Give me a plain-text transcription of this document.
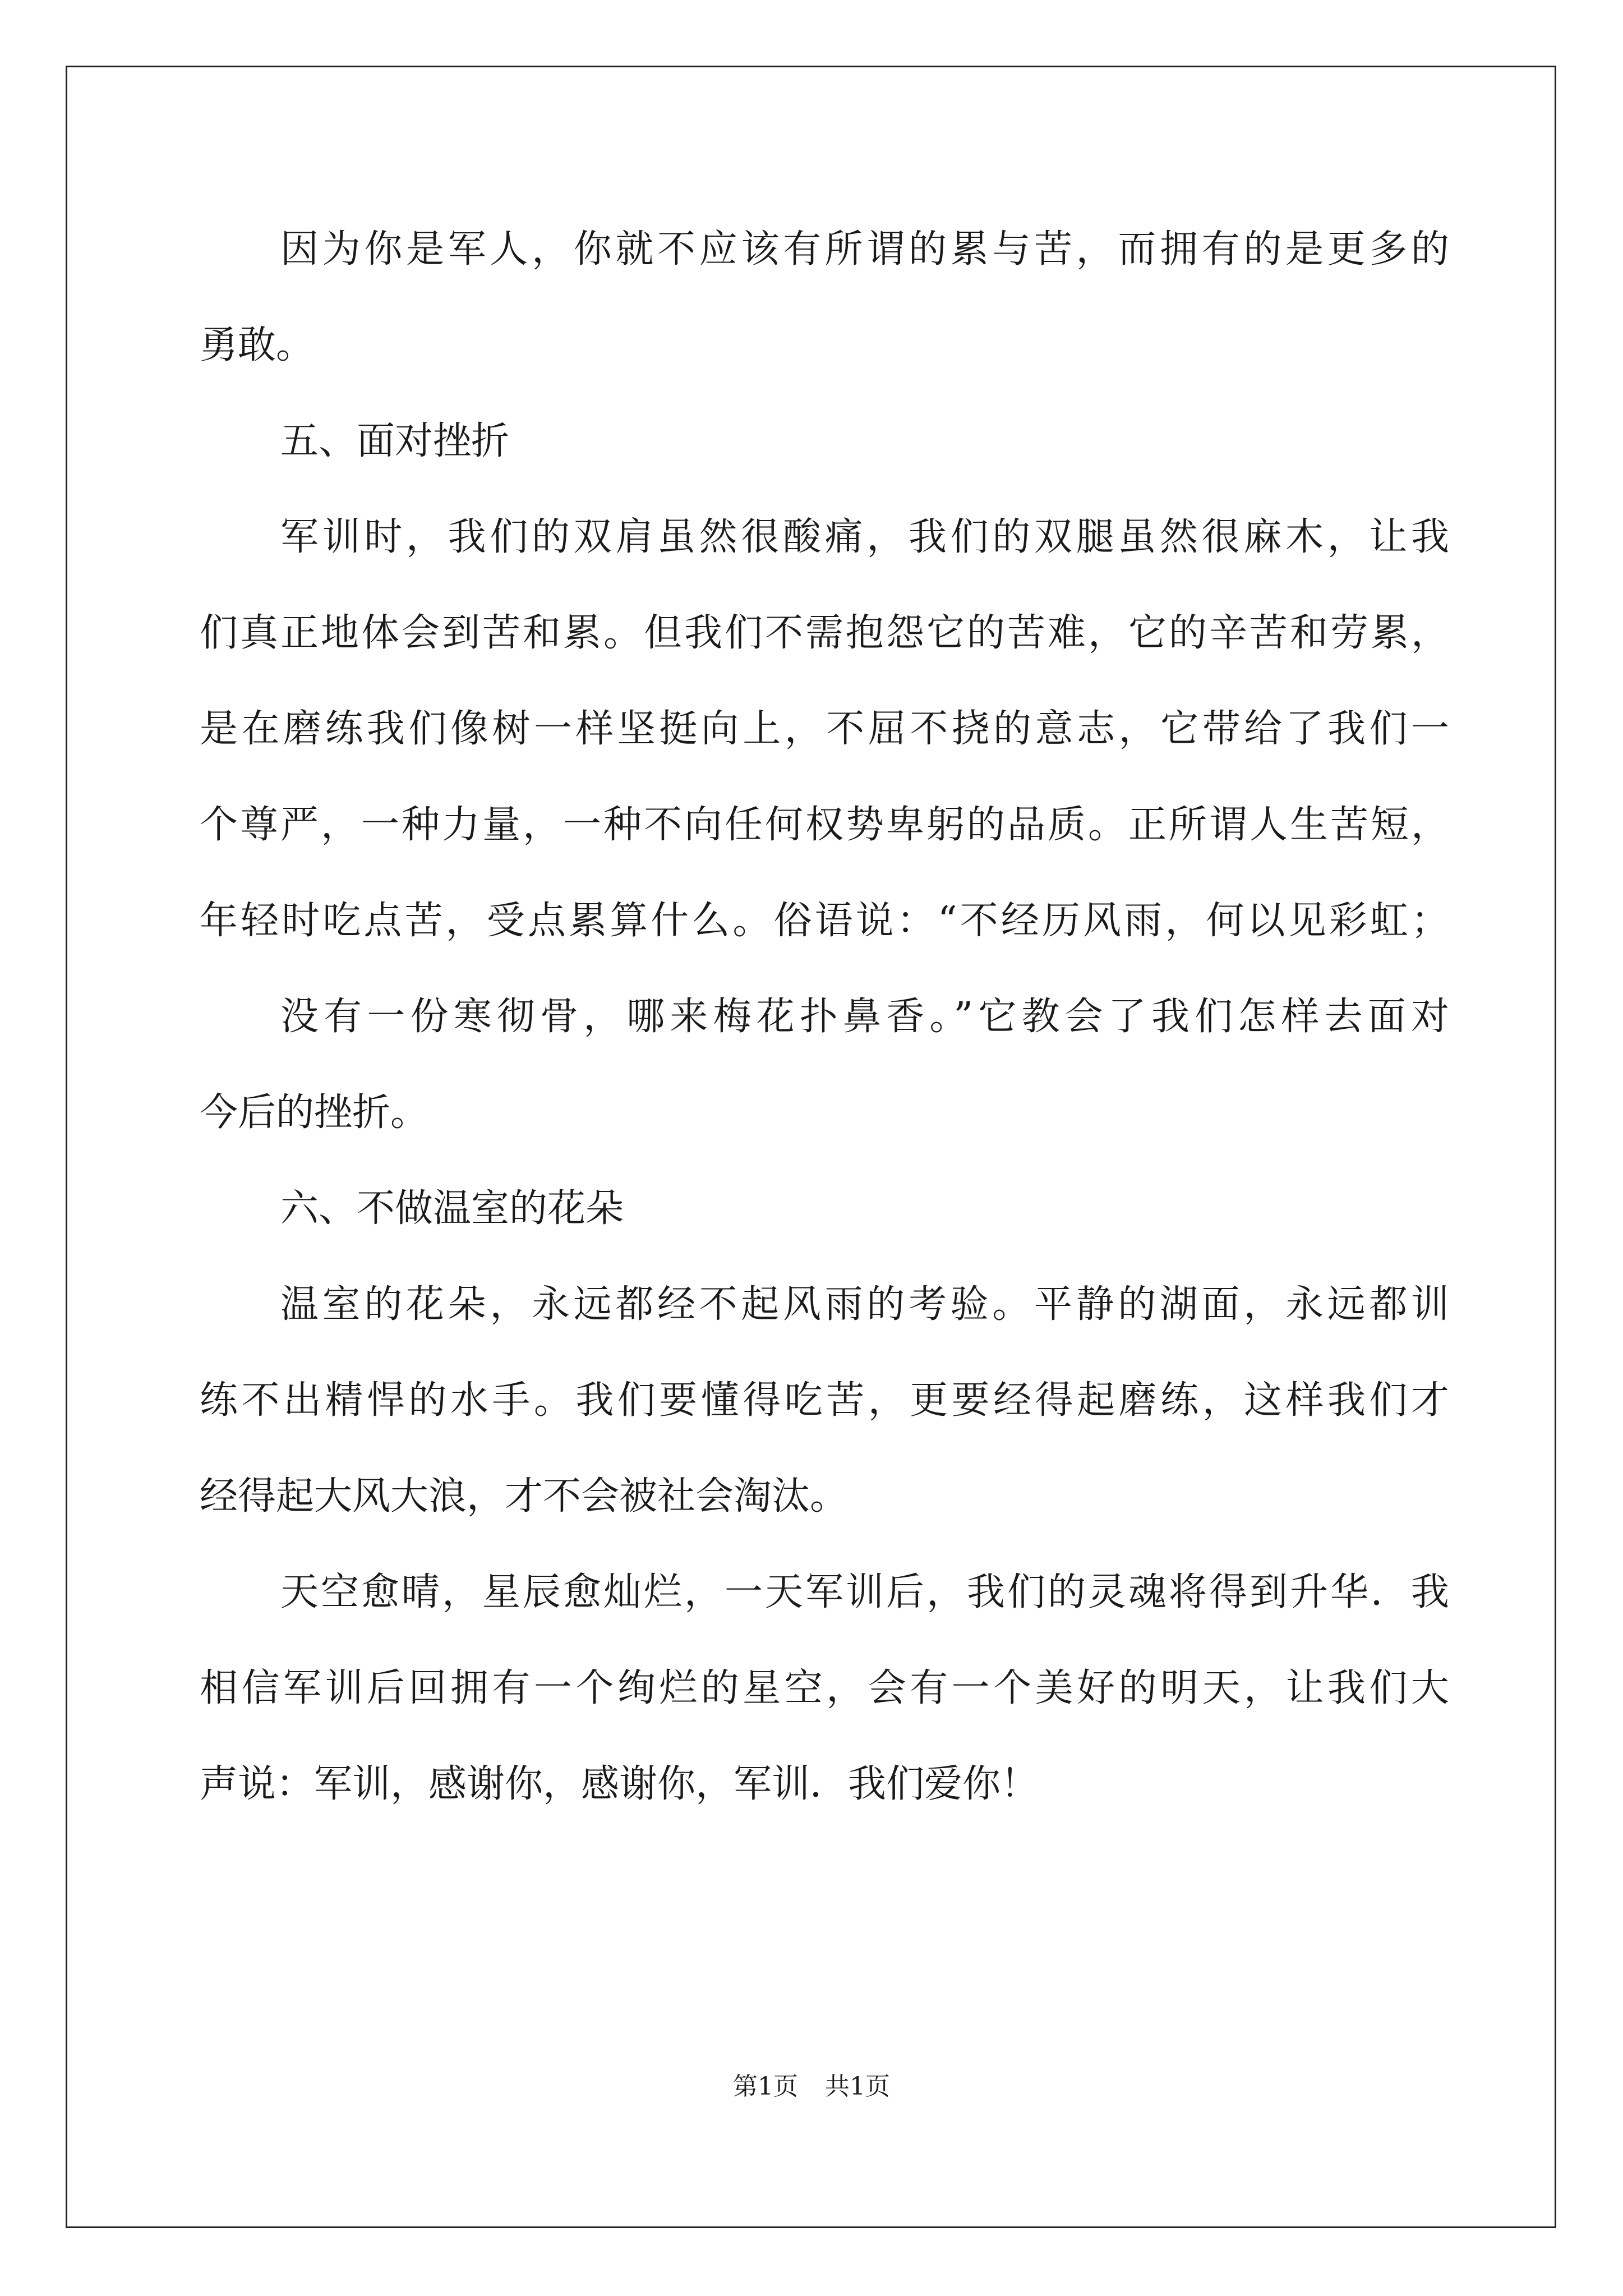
因为你是军人，你就不应该有所谓的累与苦，而拥有的是更多的
勇敢。
五、面对挫折
军训时，我们的双肩虽然很酸痛，我们的双腿虽然很麻木，让我
们真正地体会到苦和累。但我们不需抱怨它的苦难，它的辛苦和劳累，
是在磨练我们像树一样坚挺向上，不屈不挠的意志，它带给了我们一
个尊严，一种力量，一种不向任何权势卑躬的品质。正所谓人生苦短，
年轻时吃点苦，受点累算什么。俗语说：“不经历风雨，何以见彩虹；
没有一份寒彻骨，哪来梅花扑鼻香。”它教会了我们怎样去面对
今后的挫折。
六、不做温室的花朵
温室的花朵，永远都经不起风雨的考验。平静的湖面，永远都训
练不出精悍的水手。我们要懂得吃苦，更要经得起磨练，这样我们才
经得起大风大浪，才不会被社会淘汰。
天空愈晴，星辰愈灿烂，一天军训后，我们的灵魂将得到升华．我
相信军训后回拥有一个绚烂的星空，会有一个美好的明天，让我们大
声说：军训，感谢你，感谢你，军训．我们爱你！
第1页 共1页
